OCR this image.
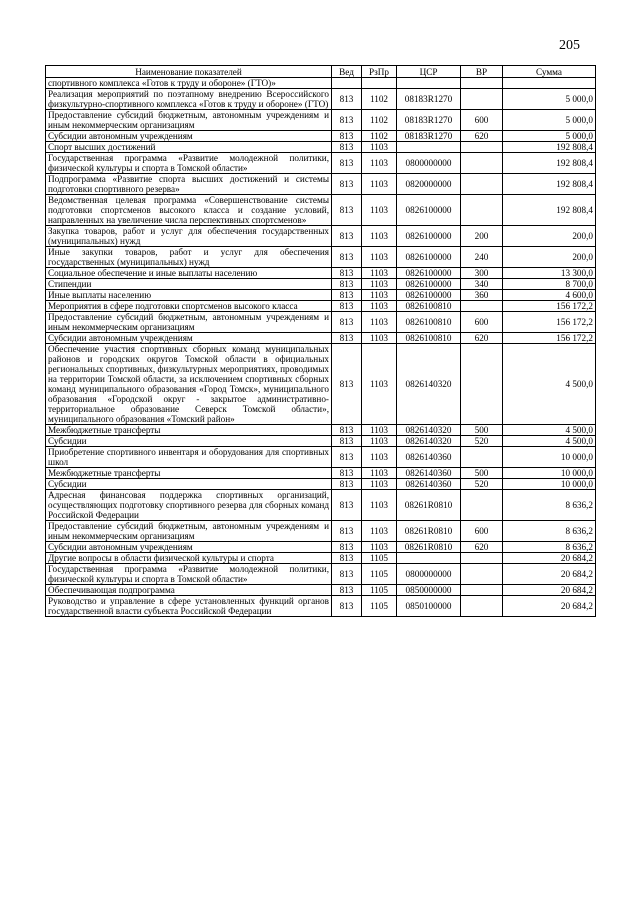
205
Наименование показателей	Вед	РзПр	ЦСР	ВР	Сумма
спортивного комплекса «Готов к труду и обороне» (ГТО)»					
Реализация мероприятий по поэтапному внедрению Всероссийского физкультурно-спортивного комплекса «Готов к труду и обороне» (ГТО)	813	1102	08183R1270		5 000,0
Предоставление субсидий бюджетным, автономным учреждениям и иным некоммерческим организациям	813	1102	08183R1270	600	5 000,0
Субсидии автономным учреждениям	813	1102	08183R1270	620	5 000,0
Спорт высших достижений	813	1103			192 808,4
Государственная программа «Развитие молодежной политики, физической культуры и спорта в Томской области»	813	1103	0800000000		192 808,4
Подпрограмма «Развитие спорта высших достижений и системы подготовки спортивного резерва»	813	1103	0820000000		192 808,4
Ведомственная целевая программа «Совершенствование системы подготовки спортсменов высокого класса и создание условий, направленных на увеличение числа перспективных спортсменов»	813	1103	0826100000		192 808,4
Закупка товаров, работ и услуг для обеспечения государственных (муниципальных) нужд	813	1103	0826100000	200	200,0
Иные закупки товаров, работ и услуг для обеспечения государственных (муниципальных) нужд	813	1103	0826100000	240	200,0
Социальное обеспечение и иные выплаты населению	813	1103	0826100000	300	13 300,0
Стипендии	813	1103	0826100000	340	8 700,0
Иные выплаты населению	813	1103	0826100000	360	4 600,0
Мероприятия в сфере подготовки спортсменов высокого класса	813	1103	0826100810		156 172,2
Предоставление субсидий бюджетным, автономным учреждениям и иным некоммерческим организациям	813	1103	0826100810	600	156 172,2
Субсидии автономным учреждениям	813	1103	0826100810	620	156 172,2
Обеспечение участия спортивных сборных команд муниципальных районов и городских округов Томской области в официальных региональных спортивных, физкультурных мероприятиях, проводимых на территории Томской области, за исключением спортивных сборных команд муниципального образования «Город Томск», муниципального образования «Городской округ - закрытое административно-территориальное образование Северск Томской области», муниципального образования «Томский район»	813	1103	0826140320		4 500,0
Межбюджетные трансферты	813	1103	0826140320	500	4 500,0
Субсидии	813	1103	0826140320	520	4 500,0
Приобретение спортивного инвентаря и оборудования для спортивных школ	813	1103	0826140360		10 000,0
Межбюджетные трансферты	813	1103	0826140360	500	10 000,0
Субсидии	813	1103	0826140360	520	10 000,0
Адресная финансовая поддержка спортивных организаций, осуществляющих подготовку спортивного резерва для сборных команд Российской Федерации	813	1103	08261R0810		8 636,2
Предоставление субсидий бюджетным, автономным учреждениям и иным некоммерческим организациям	813	1103	08261R0810	600	8 636,2
Субсидии автономным учреждениям	813	1103	08261R0810	620	8 636,2
Другие вопросы в области физической культуры и спорта	813	1105			20 684,2
Государственная программа «Развитие молодежной политики, физической культуры и спорта в Томской области»	813	1105	0800000000		20 684,2
Обеспечивающая подпрограмма	813	1105	0850000000		20 684,2
Руководство и управление в сфере установленных функций органов государственной власти субъекта Российской Федерации	813	1105	0850100000		20 684,2
